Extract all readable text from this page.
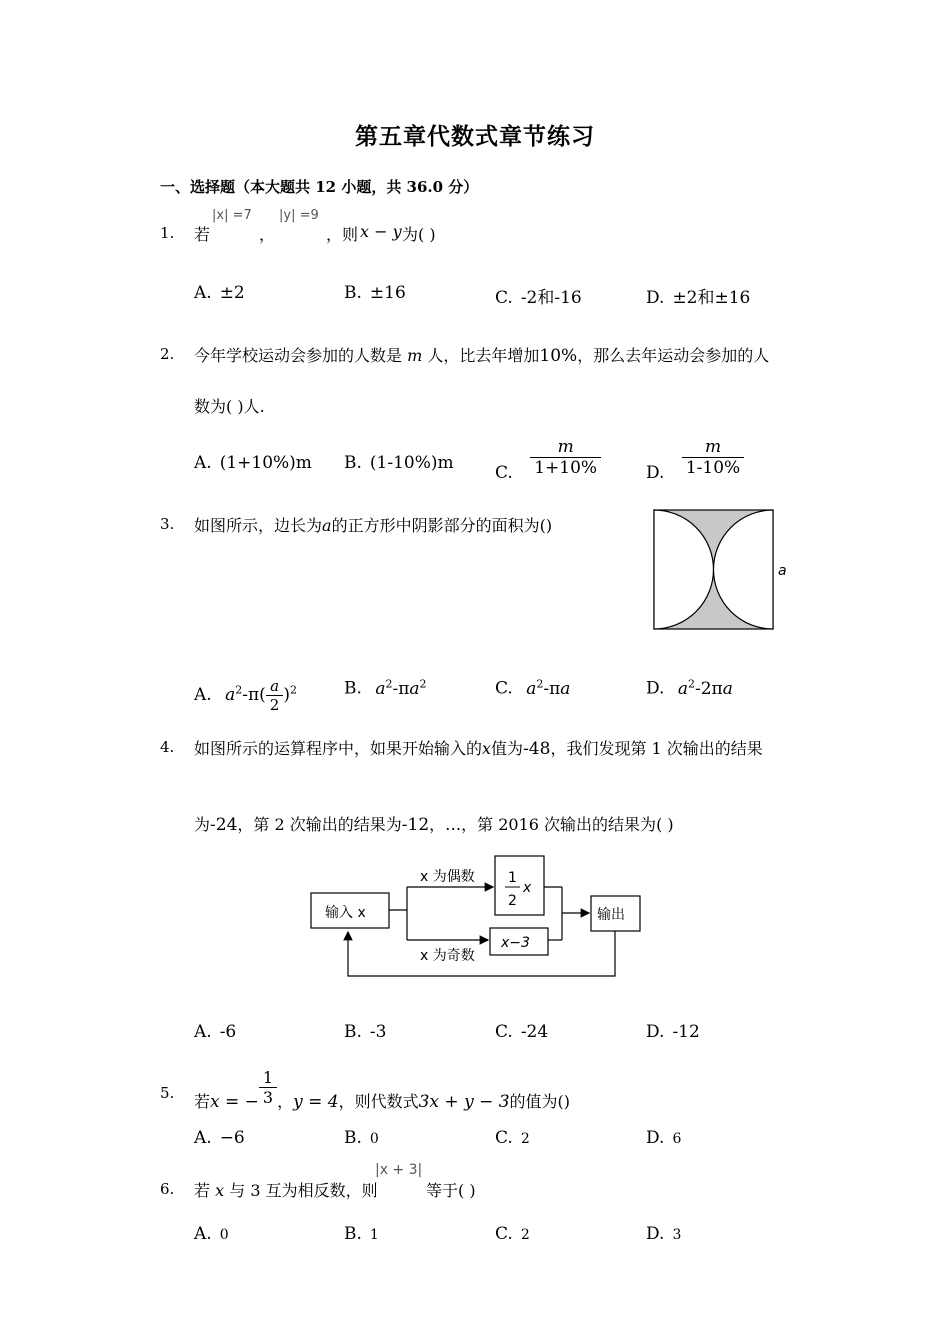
第五章代数式章节练习
一、选择题（本大题共 12 小题，共 36.0 分）
1. 若
|x| =7
，
|y| =9
，则 x − y 为( )
A. ±2	B. ±16	C. -2和-16	D. ±2和±16
2. 今年学校运动会参加的人数是 m 人，比去年增加10%，那么去年运动会参加的人
数为( )人.
A. (1+10%)m B. (1-10%)m C. $\frac{m}{1+10\%}$	D. $\frac{m}{1-10\%}$
3. 如图所示，边长为a的正方形中阴影部分的面积为()
a
A. $a^2-\pi( \frac{a}{2} )^2$	B. $a^2-\pi a^2$	C. $a^2-\pi a$	D. $a^2-2\pi a$
4. 如图所示的运算程序中，如果开始输入的x值为-48，我们发现第 1 次输出的结果
为-24，第 2 次输出的结果为-12，…，第 2016 次输出的结果为( )
输入 x
x 为偶数
x 为奇数
1
2
x
x−3
输出
A. -6	B. -3	C. -24	D. -12
5. 若x = − $\frac{1}{3}$ ，y = 4，则代数式3x + y − 3的值为()
A. −6	B. 0	C. 2	D. 6
6. 若 x 与 3 互为相反数，则
|x + 3|
等于( )
A. 0	B. 1	C. 2	D. 3
